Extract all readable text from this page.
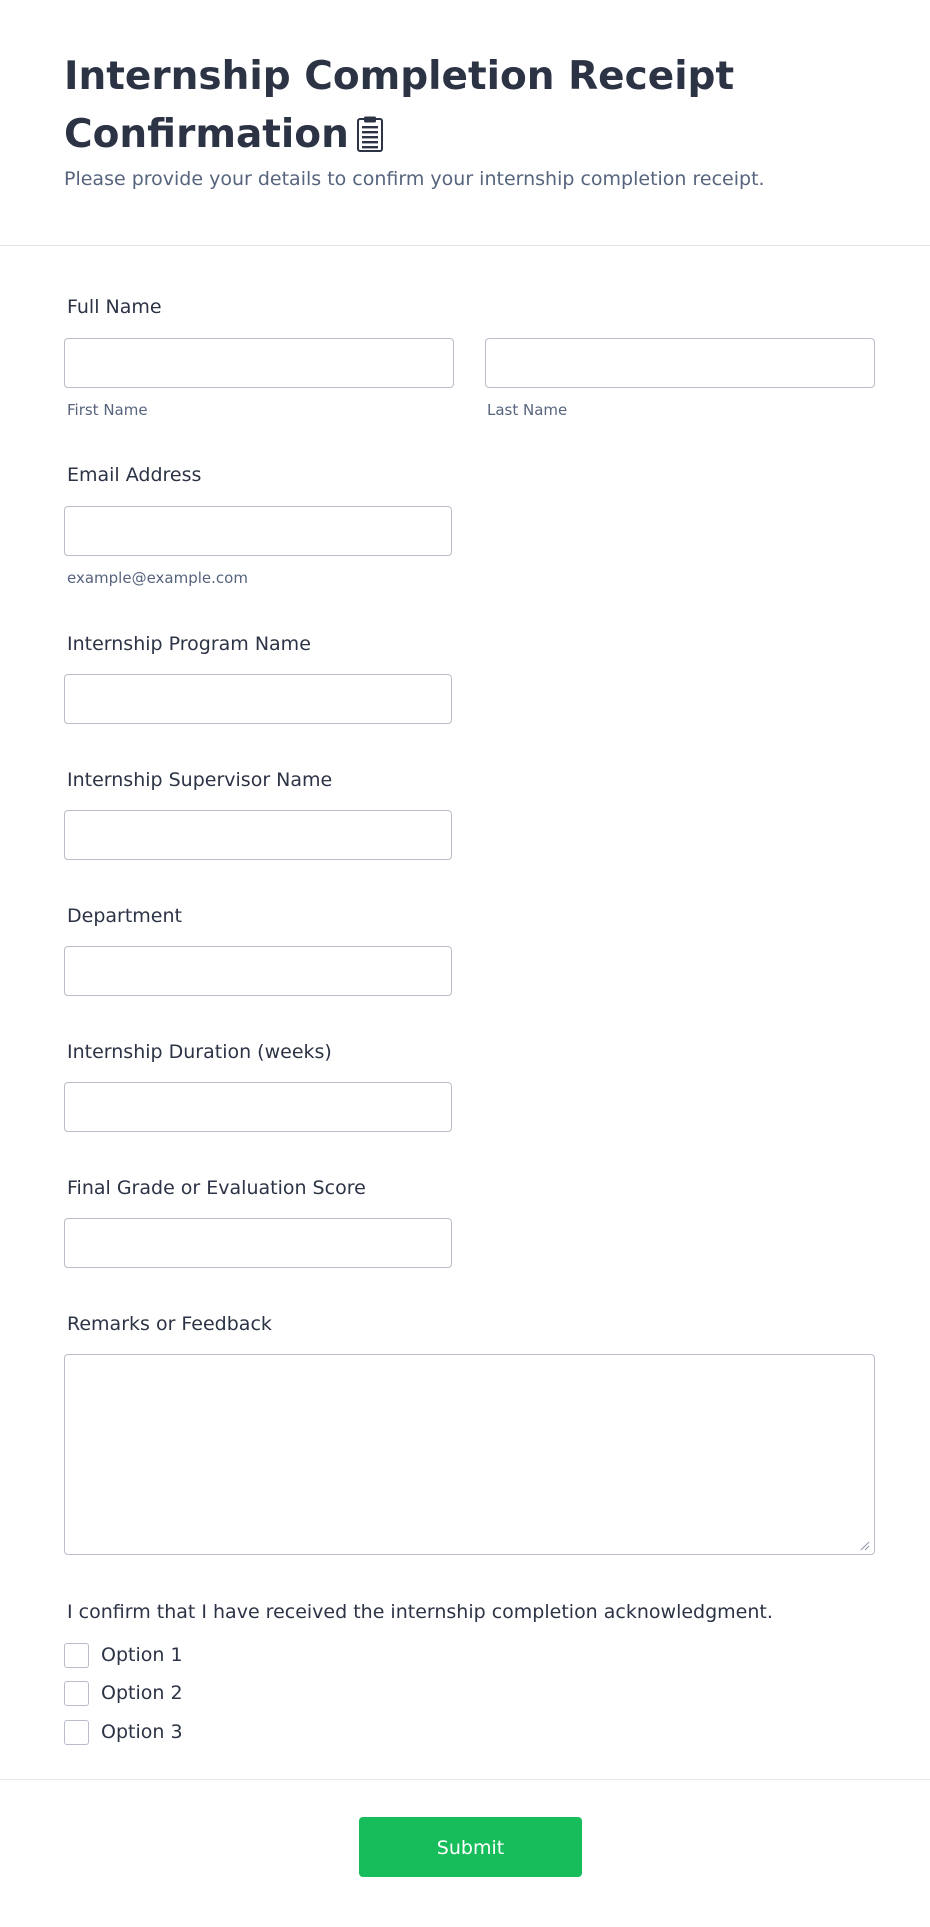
Internship Completion Receipt Confirmation

Please provide your details to confirm your internship completion receipt.

Full Name
First Name	Last Name
Email Address
example@example.com
Internship Program Name
Internship Supervisor Name
Department
Internship Duration (weeks)
Final Grade or Evaluation Score
Remarks or Feedback
I confirm that I have received the internship completion acknowledgment.
Option 1
Option 2
Option 3
Submit
